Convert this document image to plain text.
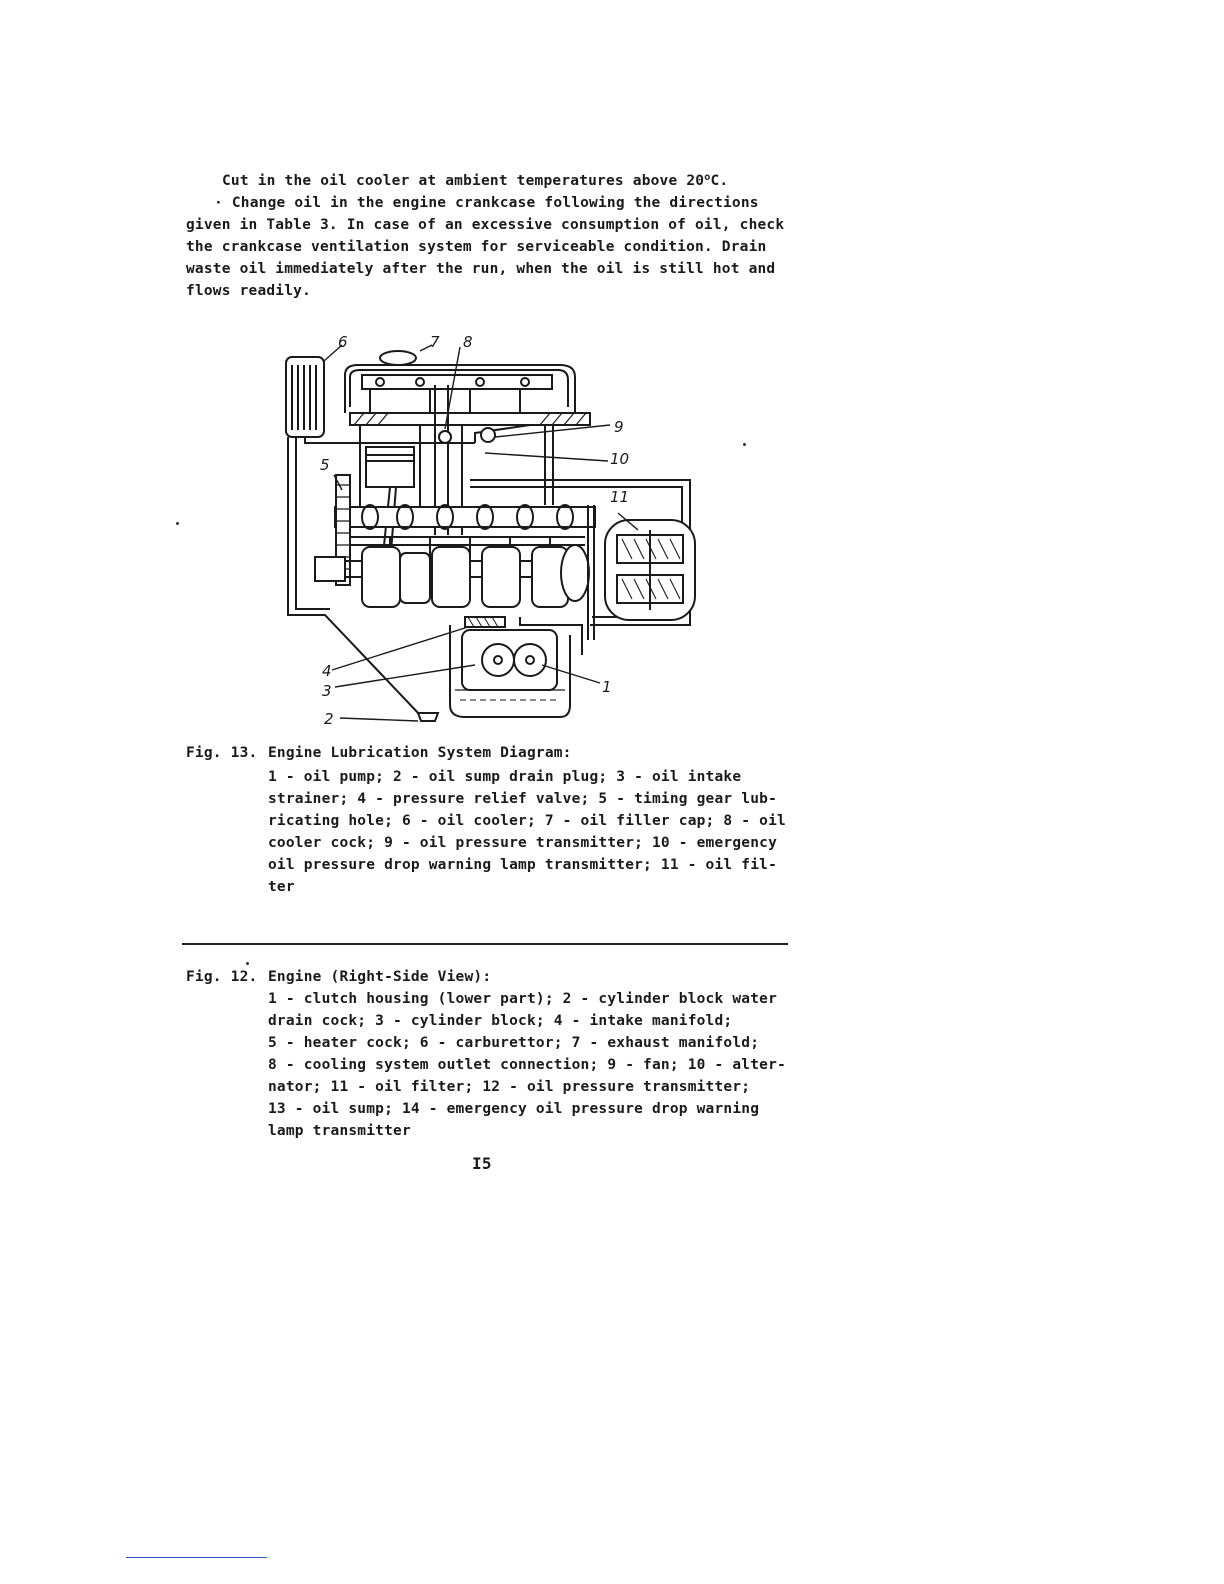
Cut in the oil cooler at ambient temperatures above $20^oC$.
· Change oil in the engine crankcase following the directions
given in Table 3. In case of an excessive consumption of oil, check
the crankcase ventilation system for serviceable condition. Drain
waste oil immediately after the run, when the oil is still hot and
flows readily.
6	7 8
9
10
5
11
4
3	1
2
Fig. 13. Engine Lubrication System Diagram:
1 - oil pump; 2 - oil sump drain plug; 3 - oil intake
strainer; 4 - pressure relief valve; 5 - timing gear lub-
ricating hole; 6 - oil cooler; 7 - oil filler cap; 8 - oil
cooler cock; 9 - oil pressure transmitter; 10 - emergency
oil pressure drop warning lamp transmitter; 11 - oil fil-
ter
Fig. 12. Engine (Right-Side View):
1 - clutch housing (lower part); 2 - cylinder block water
drain cock; 3 - cylinder block; 4 - intake manifold;
5 - heater cock; 6 - carburettor; 7 - exhaust manifold;
8 - cooling system outlet connection; 9 - fan; 10 - alter-
nator; 11 - oil filter; 12 - oil pressure transmitter;
13 - oil sump; 14 - emergency oil pressure drop warning
lamp transmitter
I5
